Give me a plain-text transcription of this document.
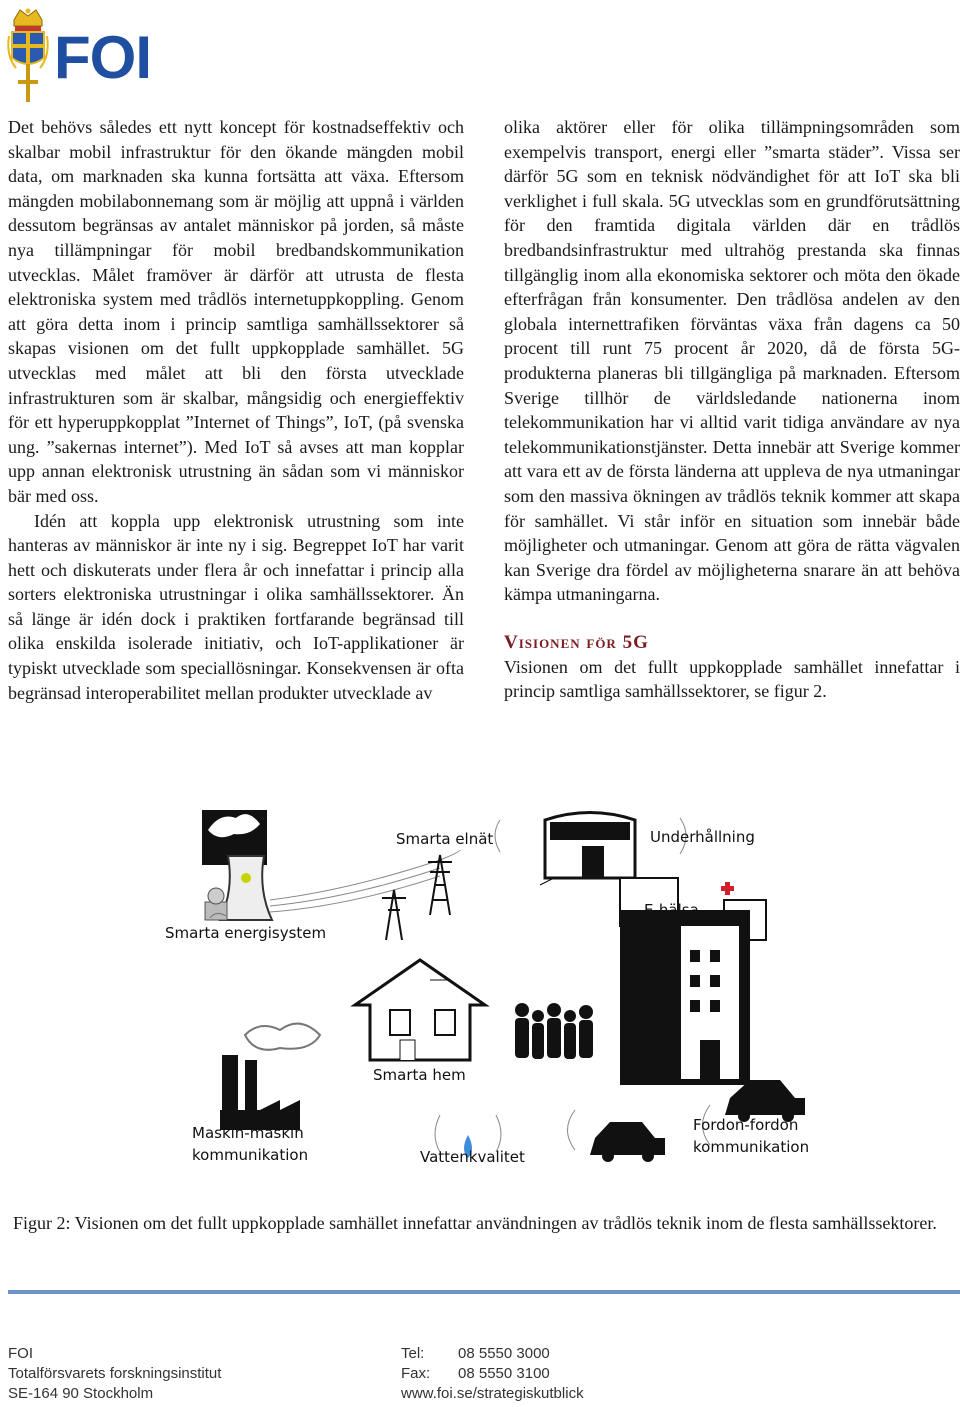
FOI

Det behövs således ett nytt koncept för kostnadseffektiv och skalbar mobil infrastruktur för den ökande mängden mobil data, om marknaden ska kunna fortsätta att växa. Eftersom mängden mobilabonnemang som är möjlig att uppnå i världen dessutom begränsas av antalet människor på jorden, så måste nya tillämpningar för mobil bredbandskommunikation utvecklas. Målet framöver är därför att utrusta de flesta elektroniska system med trådlös internetuppkoppling. Genom att göra detta inom i princip samtliga samhällssektorer så skapas visionen om det fullt uppkopplade samhället. 5G utvecklas med målet att bli den första utvecklade infrastrukturen som är skalbar, mångsidig och energieffektiv för ett hyperuppkopplat ”Internet of Things”, IoT, (på svenska ung. ”sakernas internet”). Med IoT så avses att man kopplar upp annan elektronisk utrustning än sådan som vi människor bär med oss.

Idén att koppla upp elektronisk utrustning som inte hanteras av människor är inte ny i sig. Begreppet IoT har varit hett och diskuterats under flera år och innefattar i princip alla sorters elektroniska utrustningar i olika samhällssektorer. Än så länge är idén dock i praktiken fortfarande begränsad till olika enskilda isolerade initiativ, och IoT-applikationer är typiskt utvecklade som speciallösningar. Konsekvensen är ofta begränsad interoperabilitet mellan produkter utvecklade av

olika aktörer eller för olika tillämpningsområden som exempelvis transport, energi eller ”smarta städer”. Vissa ser därför 5G som en teknisk nödvändighet för att IoT ska bli verklighet i full skala. 5G utvecklas som en grundförutsättning för den framtida digitala världen där en trådlös bredbandsinfrastruktur med ultrahög prestanda ska finnas tillgänglig inom alla ekonomiska sektorer och möta den ökade efterfrågan från konsumenter. Den trådlösa andelen av den globala internettrafiken förväntas växa från dagens ca 50 procent till runt 75 procent år 2020, då de första 5G-produkterna planeras bli tillgängliga på marknaden. Eftersom Sverige tillhör de världsledande nationerna inom telekommunikation har vi alltid varit tidiga användare av nya telekommunikationstjänster. Detta innebär att Sverige kommer att vara ett av de första länderna att uppleva de nya utmaningar som den massiva ökningen av trådlös teknik kommer att skapa för samhället. Vi står inför en situation som innebär både möjligheter och utmaningar. Genom att göra de rätta vägvalen kan Sverige dra fördel av möjligheterna snarare än att behöva kämpa utmaningarna.

Visionen för 5G

Visionen om det fullt uppkopplade samhället innefattar i princip samtliga samhällssektorer, se figur 2.

Smarta elnät	Underhållning
E-hälsa
Smarta energisystem
Smarta hem
Maskin-maskin
kommunikation	Vattenkvalitet
Fordon-fordon
kommunikation

Figur 2: Visionen om det fullt uppkopplade samhället innefattar användningen av trådlös teknik inom de flesta samhällssektorer.

FOI
Totalförsvarets forskningsinstitut
SE-164 90 Stockholm
Tel: 08 5550 3000
Fax: 08 5550 3100
www.foi.se/strategiskutblick
